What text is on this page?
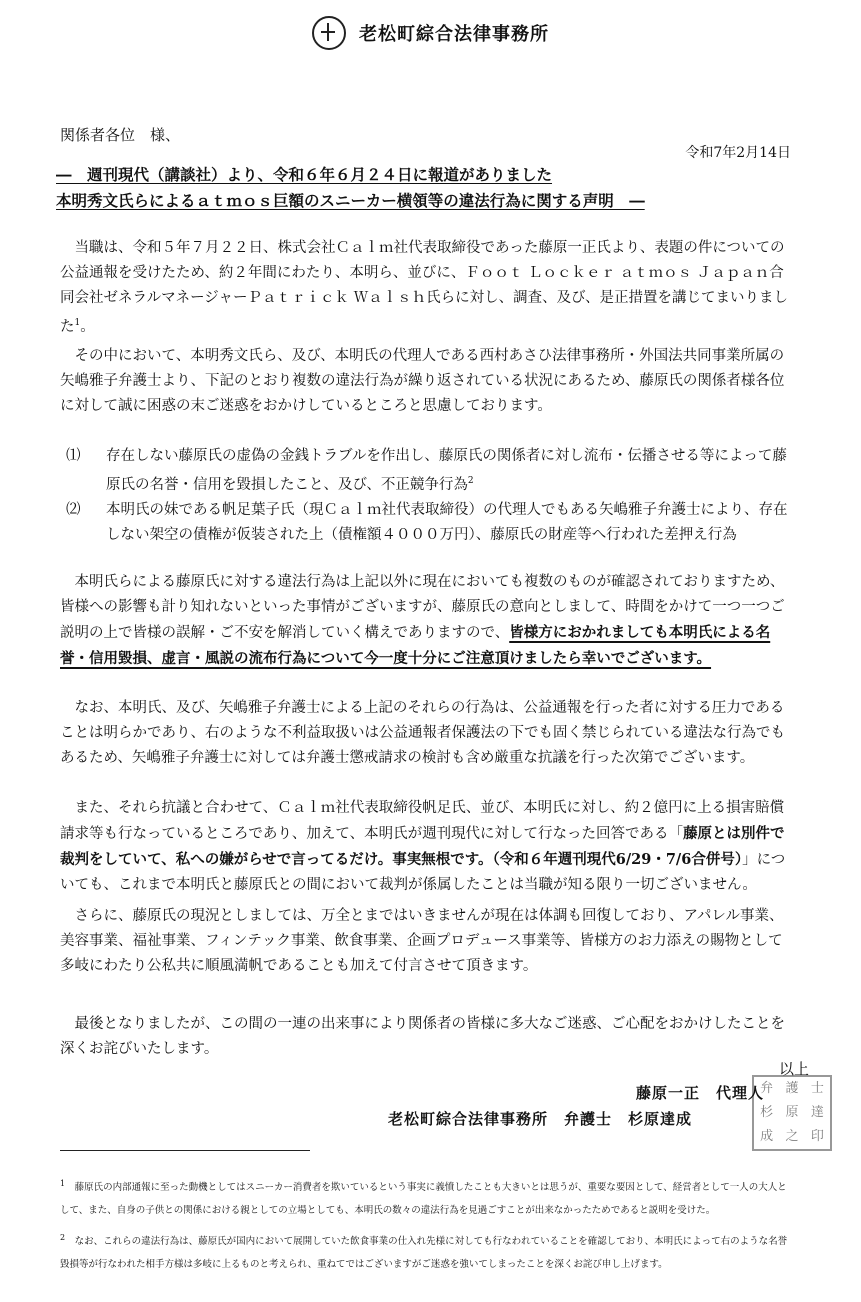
老松町綜合法律事務所
関係者各位　様、
令和7年2月14日
―　週刊現代（講談社）より、令和６年６月２４日に報道がありました
本明秀文氏らによるａｔｍｏｓ巨額のスニーカー横領等の違法行為に関する声明　―

当職は、令和５年７月２２日、株式会社Ｃａｌｍ社代表取締役であった藤原一正氏より、表題の件についての公益通報を受けたため、約２年間にわたり、本明ら、並びに、Ｆｏｏｔ Ｌｏｃｋｅｒ ａｔｍｏｓ Ｊａｐａｎ合同会社ゼネラルマネージャーＰａｔｒｉｃｋ Ｗａｌｓｈ氏らに対し、調査、及び、是正措置を講じてまいりました$^1$。

その中において、本明秀文氏ら、及び、本明氏の代理人である西村あさひ法律事務所・外国法共同事業所属の矢嶋雅子弁護士より、下記のとおり複数の違法行為が繰り返されている状況にあるため、藤原氏の関係者様各位に対して誠に困惑の末ご迷惑をおかけしているところと思慮しております。

⑴ 存在しない藤原氏の虚偽の金銭トラブルを作出し、藤原氏の関係者に対し流布・伝播させる等によって藤原氏の名誉・信用を毀損したこと、及び、不正競争行為$^2$
⑵ 本明氏の妹である帆足葉子氏（現Ｃａｌｍ社代表取締役）の代理人でもある矢嶋雅子弁護士により、存在しない架空の債権が仮装された上（債権額４０００万円）、藤原氏の財産等へ行われた差押え行為

本明氏らによる藤原氏に対する違法行為は上記以外に現在においても複数のものが確認されておりますため、皆様への影響も計り知れないといった事情がございますが、藤原氏の意向としまして、時間をかけて一つ一つご説明の上で皆様の誤解・ご不安を解消していく構えでありますので、皆様方におかれましても本明氏による名誉・信用毀損、虚言・風説の流布行為について今一度十分にご注意頂けましたら幸いでございます。

なお、本明氏、及び、矢嶋雅子弁護士による上記のそれらの行為は、公益通報を行った者に対する圧力であることは明らかであり、右のような不利益取扱いは公益通報者保護法の下でも固く禁じられている違法な行為でもあるため、矢嶋雅子弁護士に対しては弁護士懲戒請求の検討も含め厳重な抗議を行った次第でございます。

また、それら抗議と合わせて、Ｃａｌｍ社代表取締役帆足氏、並び、本明氏に対し、約２億円に上る損害賠償請求等も行なっているところであり、加えて、本明氏が週刊現代に対して行なった回答である「藤原とは別件で裁判をしていて、私への嫌がらせで言ってるだけ。事実無根です。（令和６年週刊現代6/29・7/6合併号）」についても、これまで本明氏と藤原氏との間において裁判が係属したことは当職が知る限り一切ございません。

さらに、藤原氏の現況としましては、万全とまではいきませんが現在は体調も回復しており、アパレル事業、美容事業、福祉事業、フィンテック事業、飲食事業、企画プロデュース事業等、皆様方のお力添えの賜物として多岐にわたり公私共に順風満帆であることも加えて付言させて頂きます。

最後となりましたが、この間の一連の出来事により関係者の皆様に多大なご迷惑、ご心配をおかけしたことを深くお詫びいたします。

以上
弁 護 士
杉 原 達
成 之 印
藤原一正　代理人
老松町綜合法律事務所　弁護士　杉原達成
$^1$　 藤原氏の内部通報に至った動機としてはスニーカー消費者を欺いているという事実に義憤したことも大きいとは思うが、重要な要因として、経営者として一人の大人として、また、自身の子供との関係における親としての立場としても、本明氏の数々の違法行為を見過ごすことが出来なかったためであると説明を受けた。
$^2$　 なお、これらの違法行為は、藤原氏が国内において展開していた飲食事業の仕入れ先様に対しても行なわれていることを確認しており、本明氏によって右のような名誉毀損等が行なわれた相手方様は多岐に上るものと考えられ、重ねてではございますがご迷惑を強いてしまったことを深くお詫び申し上げます。
